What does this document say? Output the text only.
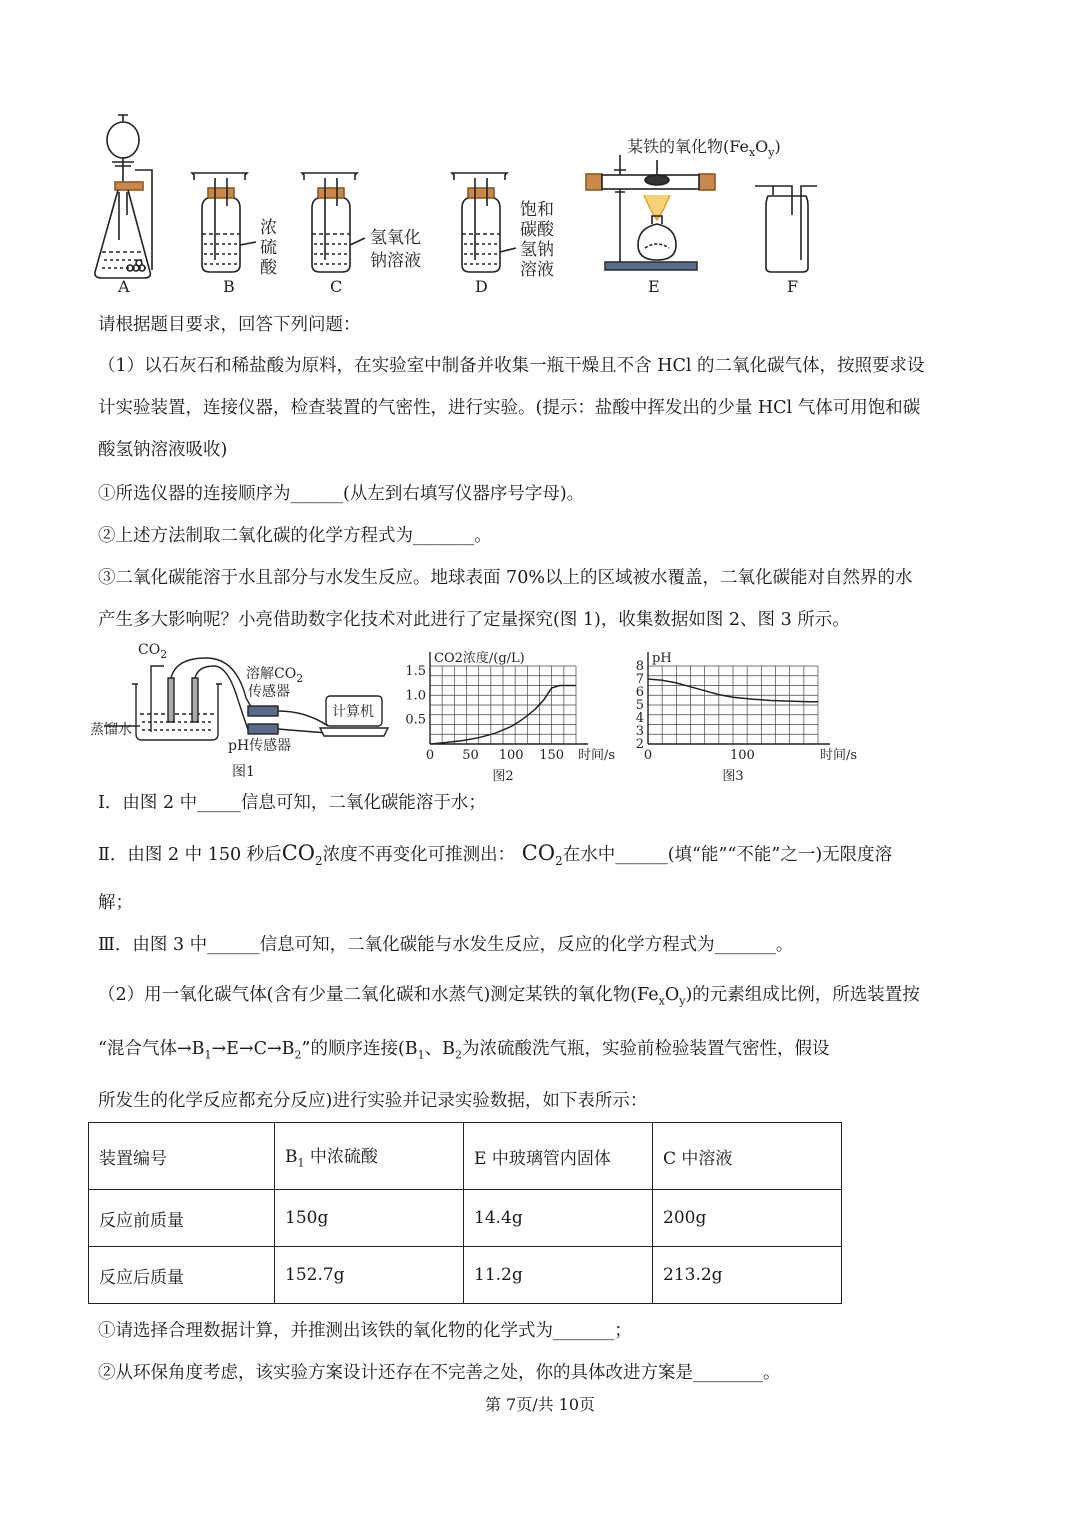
浓
硫
酸
氢氧化
钠溶液
饱和
碳酸
氢钠
溶液
某铁的氧化物$(Fe_xO_y)$
A	B	C	D	E	F
请根据题目要求，回答下列问题：
（1）以石灰石和稀盐酸为原料，在实验室中制备并收集一瓶干燥且不含 HCl 的二氧化碳气体，按照要求设
计实验装置，连接仪器，检查装置的气密性，进行实验。(提示：盐酸中挥发出的少量 HCl 气体可用饱和碳
酸氢钠溶液吸收)
①所选仪器的连接顺序为______(从左到右填写仪器序号字母)。
②上述方法制取二氧化碳的化学方程式为_______。
③二氧化碳能溶于水且部分与水发生反应。地球表面 70%以上的区域被水覆盖，二氧化碳能对自然界的水
产生多大影响呢？小亮借助数字化技术对此进行了定量探究(图 1)，收集数据如图 2、图 3 所示。
$CO_2$
溶解$CO_2$
传感器
计算机
蒸馏水
pH传感器
图1
0 50 100 150
0.5
1.0
1.5
时间/s
CO2浓度/(g/L)
图2
0	100
2
3
4
5
6
7
8
时间/s
pH
图3
Ⅰ．由图 2 中_____信息可知，二氧化碳能溶于水；
Ⅱ．由图 2 中 150 秒后$CO_2$浓度不再变化可推测出： $CO_2$在水中______(填“能”“不能”之一)无限度溶
解；
Ⅲ．由图 3 中______信息可知，二氧化碳能与水发生反应，反应的化学方程式为_______。
（2）用一氧化碳气体(含有少量二氧化碳和水蒸气)测定某铁的氧化物$(Fe_xO_y)$的元素组成比例，所选装置按
“混合气体$\to B_1\to E\to C\to B_2$”的顺序连接($B_1$、$B_2$为浓硫酸洗气瓶，实验前检验装置气密性，假设
所发生的化学反应都充分反应)进行实验并记录实验数据，如下表所示：
装置编号	$B_1$ 中浓硫酸	E 中玻璃管内固体	C 中溶液
反应前质量	150g	14.4g	200g
反应后质量	152.7g	11.2g	213.2g
①请选择合理数据计算，并推测出该铁的氧化物的化学式为_______；
②从环保角度考虑，该实验方案设计还存在不完善之处，你的具体改进方案是________。
第 7页/共 10页
